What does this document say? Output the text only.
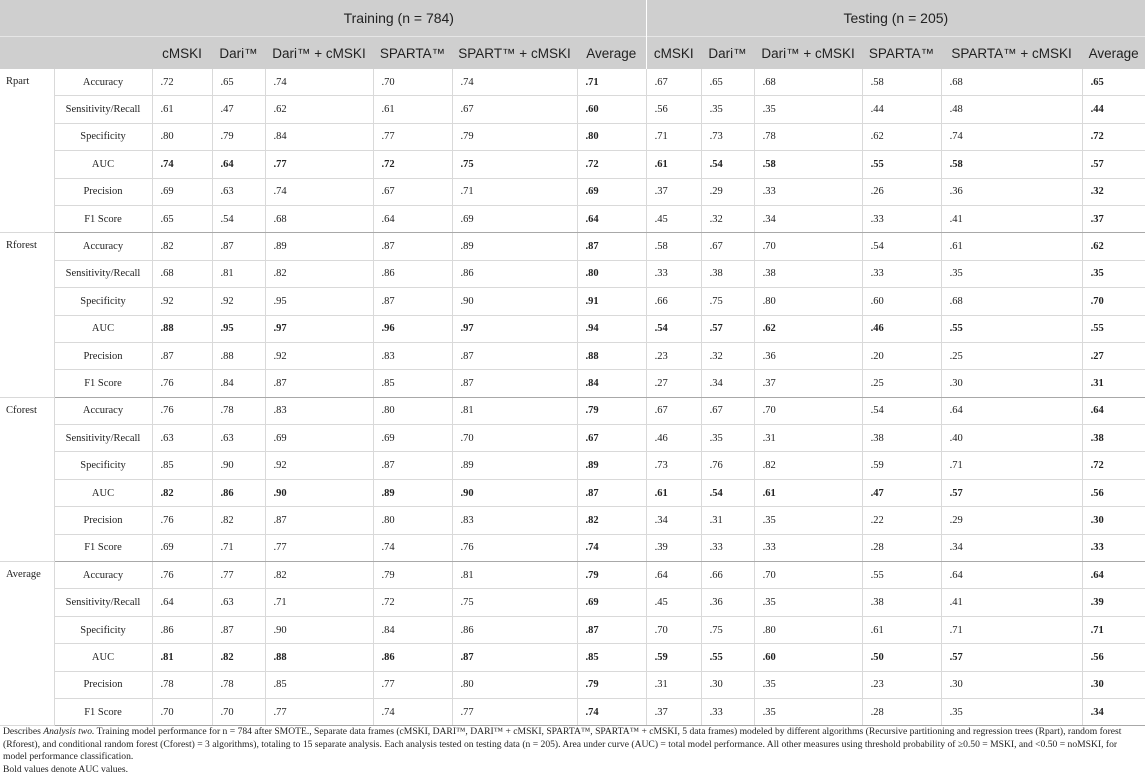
		Training (n = 784)						Testing (n = 205)					
		cMSKI	Dari™	Dari™ + cMSKI	SPARTA™	SPART™ + cMSKI	Average	cMSKI	Dari™	Dari™ + cMSKI	SPARTA™	SPARTA™ + cMSKI	Average
Rpart	Accuracy	.72	.65	.74	.70	.74	.71	.67	.65	.68	.58	.68	.65
	Sensitivity/Recall	.61	.47	.62	.61	.67	.60	.56	.35	.35	.44	.48	.44
	Specificity	.80	.79	.84	.77	.79	.80	.71	.73	.78	.62	.74	.72
	AUC	.74	.64	.77	.72	.75	.72	.61	.54	.58	.55	.58	.57
	Precision	.69	.63	.74	.67	.71	.69	.37	.29	.33	.26	.36	.32
	F1 Score	.65	.54	.68	.64	.69	.64	.45	.32	.34	.33	.41	.37
Rforest	Accuracy	.82	.87	.89	.87	.89	.87	.58	.67	.70	.54	.61	.62
	Sensitivity/Recall	.68	.81	.82	.86	.86	.80	.33	.38	.38	.33	.35	.35
	Specificity	.92	.92	.95	.87	.90	.91	.66	.75	.80	.60	.68	.70
	AUC	.88	.95	.97	.96	.97	.94	.54	.57	.62	.46	.55	.55
	Precision	.87	.88	.92	.83	.87	.88	.23	.32	.36	.20	.25	.27
	F1 Score	.76	.84	.87	.85	.87	.84	.27	.34	.37	.25	.30	.31
Cforest	Accuracy	.76	.78	.83	.80	.81	.79	.67	.67	.70	.54	.64	.64
	Sensitivity/Recall	.63	.63	.69	.69	.70	.67	.46	.35	.31	.38	.40	.38
	Specificity	.85	.90	.92	.87	.89	.89	.73	.76	.82	.59	.71	.72
	AUC	.82	.86	.90	.89	.90	.87	.61	.54	.61	.47	.57	.56
	Precision	.76	.82	.87	.80	.83	.82	.34	.31	.35	.22	.29	.30
	F1 Score	.69	.71	.77	.74	.76	.74	.39	.33	.33	.28	.34	.33
Average	Accuracy	.76	.77	.82	.79	.81	.79	.64	.66	.70	.55	.64	.64
	Sensitivity/Recall	.64	.63	.71	.72	.75	.69	.45	.36	.35	.38	.41	.39
	Specificity	.86	.87	.90	.84	.86	.87	.70	.75	.80	.61	.71	.71
	AUC	.81	.82	.88	.86	.87	.85	.59	.55	.60	.50	.57	.56
	Precision	.78	.78	.85	.77	.80	.79	.31	.30	.35	.23	.30	.30
	F1 Score	.70	.70	.77	.74	.77	.74	.37	.33	.35	.28	.35	.34

Describes Analysis two. Training model performance for n = 784 after SMOTE., Separate data frames (cMSKI, DARI™, DARI™ + cMSKI, SPARTA™, SPARTA™ + cMSKI, 5 data frames) modeled by different algorithms (Recursive partitioning and regression trees (Rpart), random forest (Rforest), and conditional random forest (Cforest) = 3 algorithms), totaling to 15 separate analysis. Each analysis tested on testing data (n = 205). Area under curve (AUC) = total model performance. All other measures using threshold probability of ≥0.50 = MSKI, and <0.50 = noMSKI, for model performance classification.

Bold values denote AUC values.
